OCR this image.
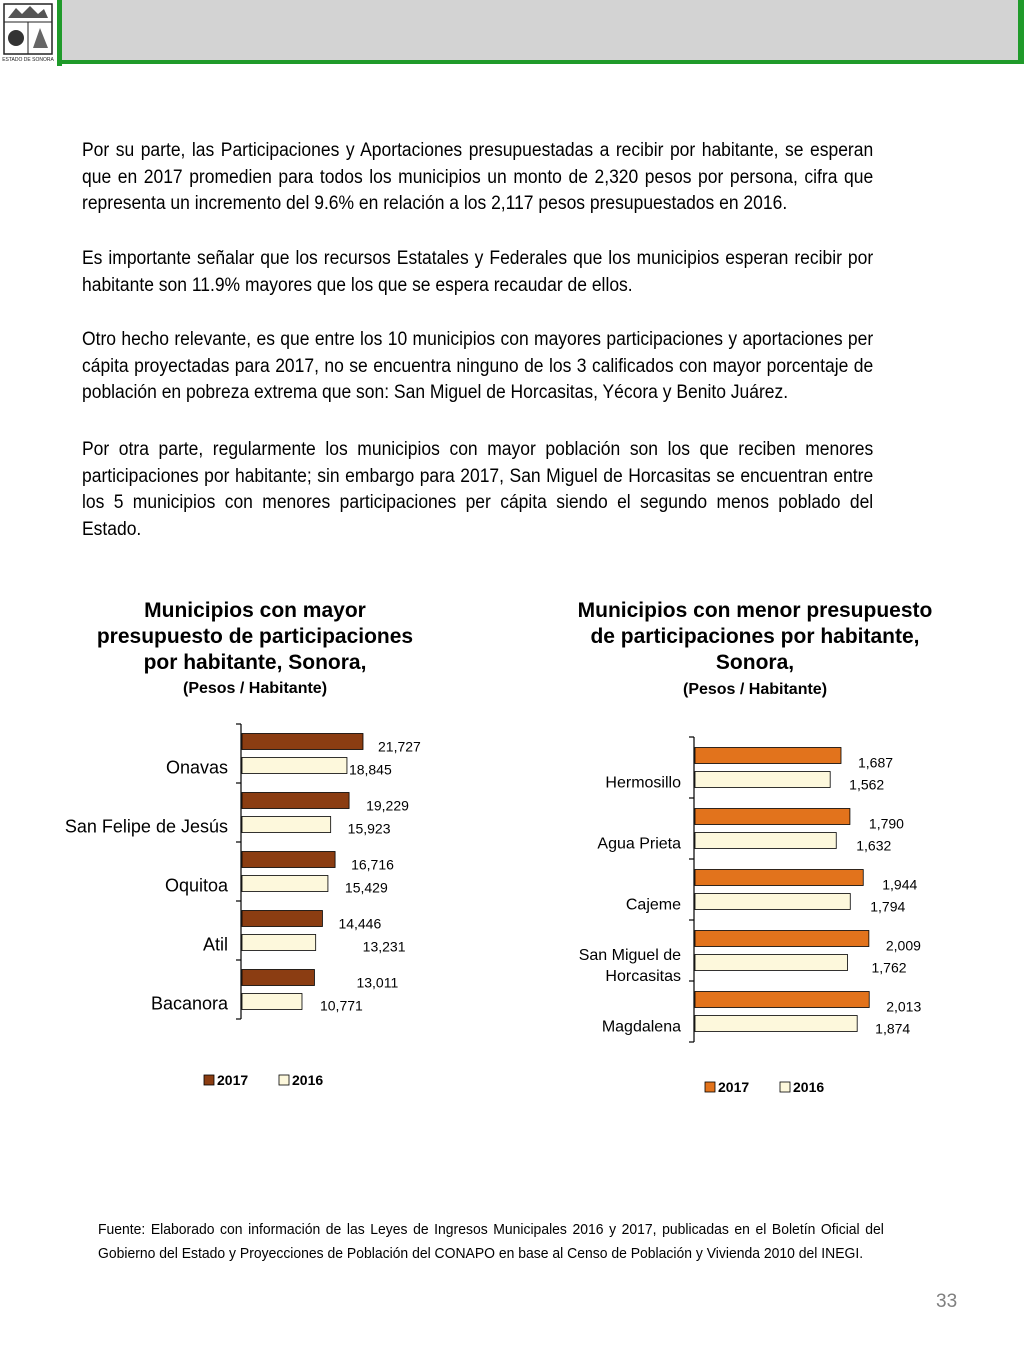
ESTADO DE SONORA

Por su parte, las Participaciones y Aportaciones presupuestadas a recibir por habitante, se esperan que en 2017 promedien para todos los municipios un monto de 2,320 pesos por persona, cifra que representa un incremento del 9.6% en relación a los 2,117 pesos presupuestados en 2016.

Es importante señalar que los recursos Estatales y Federales que los municipios esperan recibir por habitante son 11.9% mayores que los que se espera recaudar de ellos.

Otro hecho relevante, es que entre los 10 municipios con mayores participaciones y aportaciones per cápita proyectadas para 2017, no se encuentra ninguno de los 3 calificados con mayor porcentaje de población en pobreza extrema que son: San Miguel de Horcasitas, Yécora y Benito Juárez.

Por otra parte, regularmente los municipios con mayor población son los que reciben menores participaciones por habitante; sin embargo para 2017, San Miguel de Horcasitas se encuentran entre los 5 municipios con menores participaciones per cápita siendo el segundo menos poblado del Estado.

Municipios con mayor
presupuesto de participaciones
por habitante, Sonora,
(Pesos / Habitante)
Municipios con menor presupuesto
de participaciones por habitante,
Sonora,
(Pesos / Habitante)
21,727
18,845
Onavas
19,229
15,923
San Felipe de Jesús
16,716
15,429
Oquitoa
14,446
13,231
Atil
13,011
10,771
Bacanora
2017	2016
1,687
1,562
Hermosillo
1,790
1,632
Agua Prieta
1,944
1,794
Cajeme
2,009
1,762
San Miguel de
Horcasitas
2,013
1,874
Magdalena
2017	2016
Fuente: Elaborado con información de las Leyes de Ingresos Municipales 2016 y 2017, publicadas en el Boletín Oficial del Gobierno del Estado y Proyecciones de Población del CONAPO en base al Censo de Población y Vivienda 2010 del INEGI.
33
